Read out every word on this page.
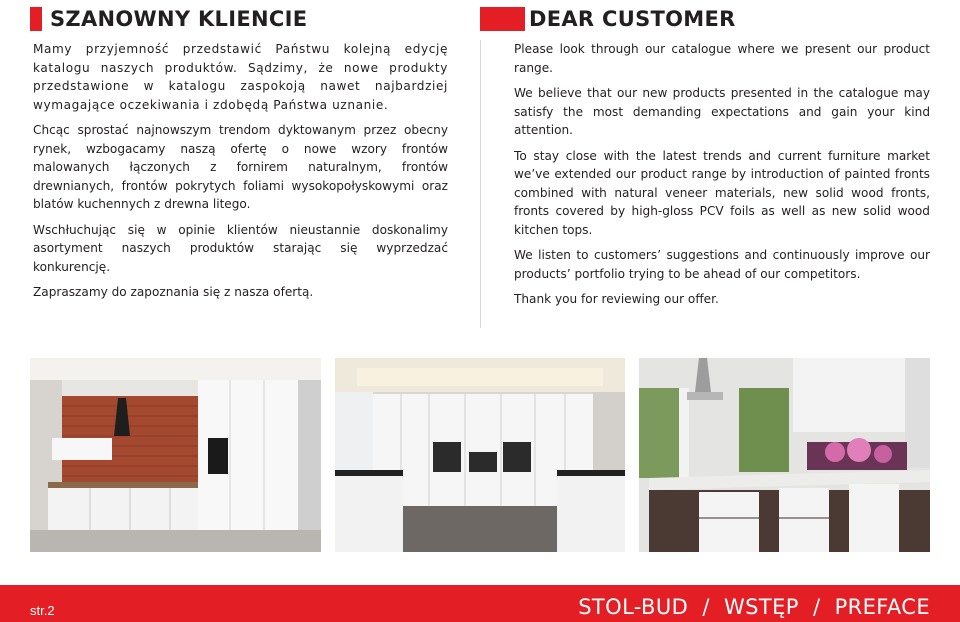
SZANOWNY KLIENCIE	DEAR CUSTOMER

Mamy przyjemność przedstawić Państwu kolejną edycję katalogu naszych produktów. Sądzimy, że nowe produkty przedstawione w katalogu zaspokoją nawet najbardziej wymagające oczekiwania i zdobędą Państwa uznanie.

Chcąc sprostać najnowszym trendom dyktowanym przez obecny rynek, wzbogacamy naszą ofertę o nowe wzory frontów malowanych łączonych z fornirem naturalnym, frontów drewnianych, frontów pokrytych foliami wysokopołyskowymi oraz blatów kuchennych z drewna litego.

Wschłuchując się w opinie klientów nieustannie doskonalimy asortyment naszych produktów starając się wyprzedzać konkurencję.

Zapraszamy do zapoznania się z nasza ofertą.

Please look through our catalogue where we present our product range.

We believe that our new products presented in the catalogue may satisfy the most demanding expectations and gain your kind attention.

To stay close with the latest trends and current furniture market we’ve extended our product range by introduction of painted fronts combined with natural veneer materials, new solid wood fronts, fronts covered by high-gloss PCV foils as well as new solid wood kitchen tops.

We listen to customers’ suggestions and continuously improve our products’ portfolio trying to be ahead of our competitors.

Thank you for reviewing our offer.

str.2	STOL-BUD  /  WSTĘP  /  PREFACE
